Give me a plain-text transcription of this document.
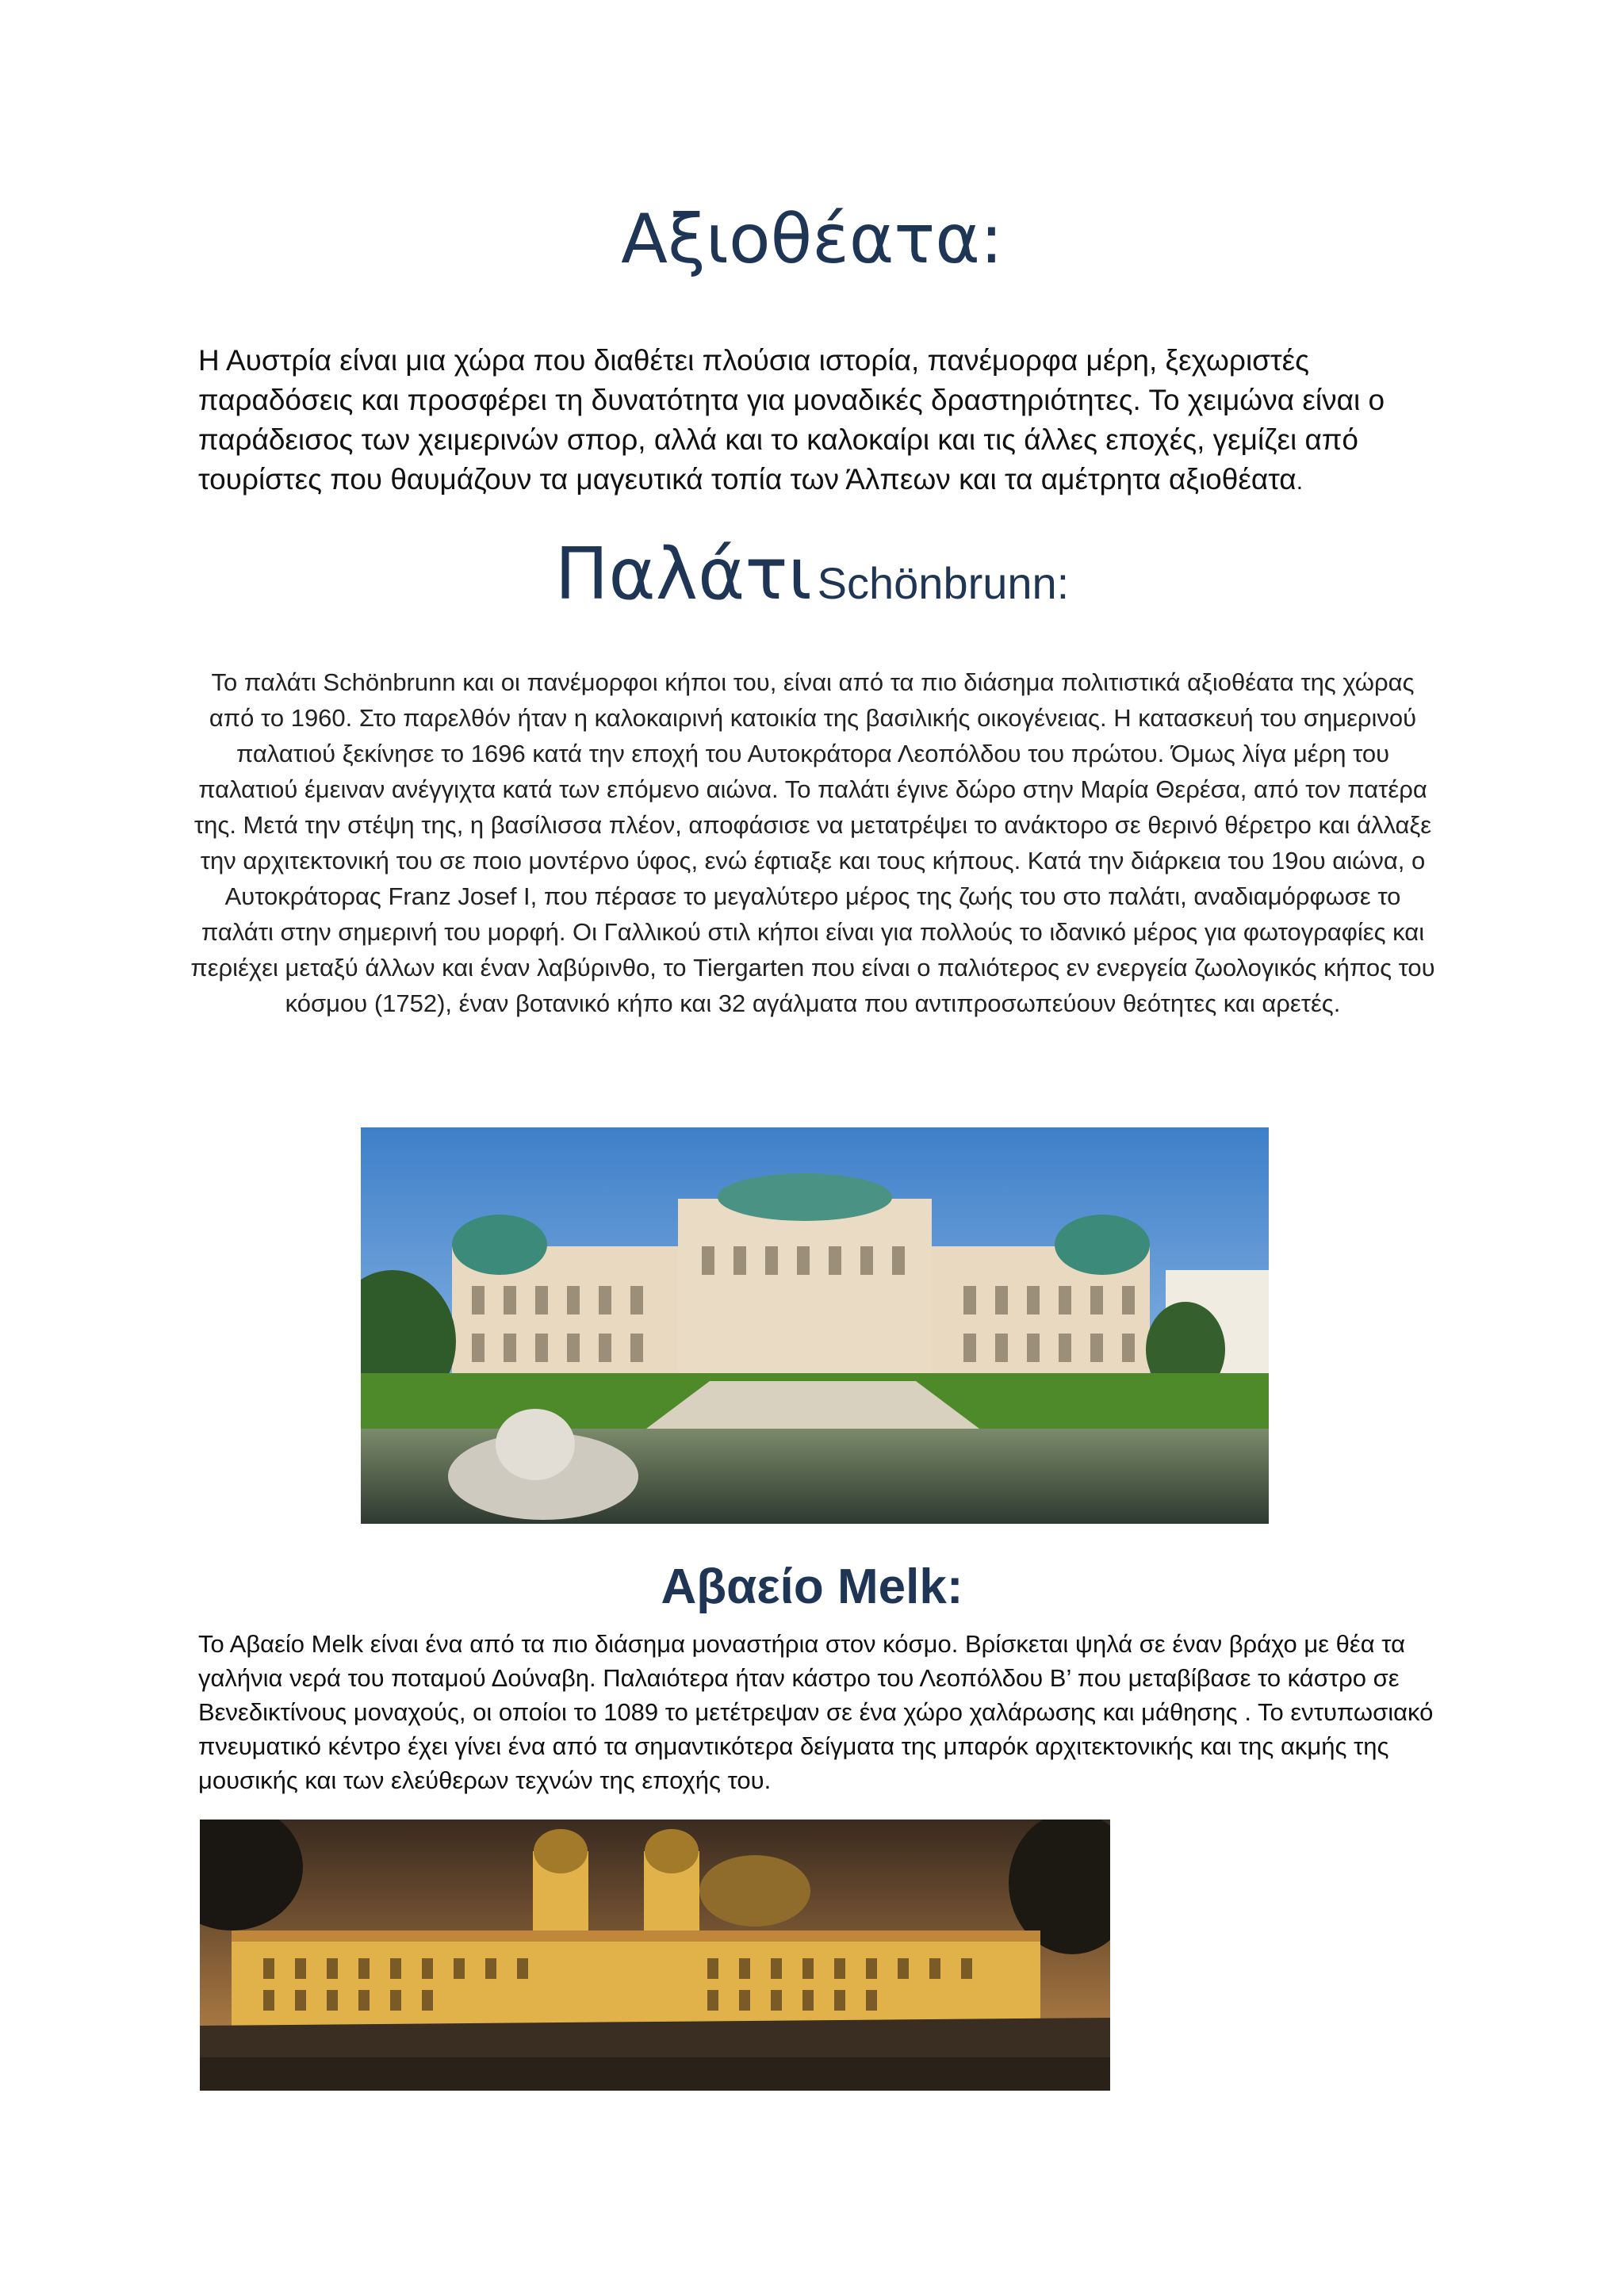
Αξιοθέατα:

Η Αυστρία είναι μια χώρα που διαθέτει πλούσια ιστορία, πανέμορφα μέρη, ξεχωριστές παραδόσεις και προσφέρει τη δυνατότητα για μοναδικές δραστηριότητες. Το χειμώνα είναι ο παράδεισος των χειμερινών σπορ, αλλά και το καλοκαίρι και τις άλλες εποχές, γεμίζει από τουρίστες που θαυμάζουν τα μαγευτικά τοπία των Άλπεων και τα αμέτρητα αξιοθέατα.

Παλάτι Schönbrunn:

Το παλάτι Schönbrunn και οι πανέμορφοι κήποι του, είναι από τα πιο διάσημα πολιτιστικά αξιοθέατα της χώρας από το 1960. Στο παρελθόν ήταν η καλοκαιρινή κατοικία της βασιλικής οικογένειας. Η κατασκευή του σημερινού παλατιού ξεκίνησε το 1696 κατά την εποχή του Αυτοκράτορα Λεοπόλδου του πρώτου. Όμως λίγα μέρη του παλατιού έμειναν ανέγγιχτα κατά των επόμενο αιώνα. Το παλάτι έγινε δώρο στην Μαρία Θερέσα, από τον πατέρα της. Μετά την στέψη της, η βασίλισσα πλέον, αποφάσισε να μετατρέψει το ανάκτορο σε θερινό θέρετρο και άλλαξε την αρχιτεκτονική του σε ποιο μοντέρνο ύφος, ενώ έφτιαξε και τους κήπους. Κατά την διάρκεια του 19ου αιώνα, ο Αυτοκράτορας Franz Josef I, που πέρασε το μεγαλύτερο μέρος της ζωής του στο παλάτι, αναδιαμόρφωσε το παλάτι στην σημερινή του μορφή. Οι Γαλλικού στιλ κήποι είναι για πολλούς το ιδανικό μέρος για φωτογραφίες και περιέχει μεταξύ άλλων και έναν λαβύρινθο, το Tiergarten που είναι ο παλιότερος εν ενεργεία ζωολογικός κήπος του κόσμου (1752), έναν βοτανικό κήπο και 32 αγάλματα που αντιπροσωπεύουν θεότητες και αρετές.

Αβαείο Melk:

Το Αβαείο Melk είναι ένα από τα πιο διάσημα μοναστήρια στον κόσμο. Βρίσκεται ψηλά σε έναν βράχο με θέα τα γαλήνια νερά του ποταμού Δούναβη. Παλαιότερα ήταν κάστρο του Λεοπόλδου Β’ που μεταβίβασε το κάστρο σε Βενεδικτίνους μοναχούς, οι οποίοι το 1089 το μετέτρεψαν σε ένα χώρο χαλάρωσης και μάθησης . Το εντυπωσιακό πνευματικό κέντρο έχει γίνει ένα από τα σημαντικότερα δείγματα της μπαρόκ αρχιτεκτονικής και της ακμής της μουσικής και των ελεύθερων τεχνών της εποχής του.
